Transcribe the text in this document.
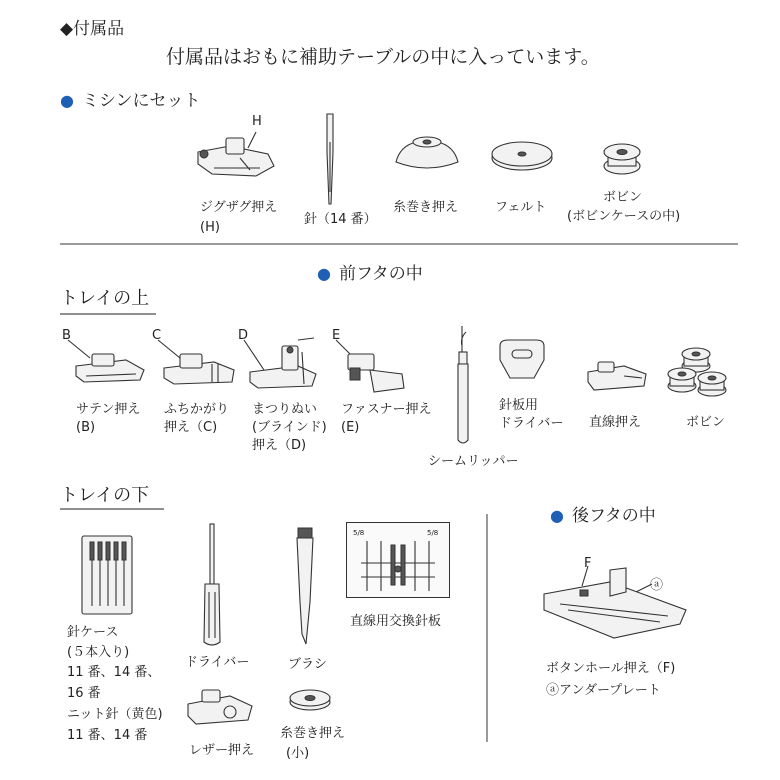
◆付属品
付属品はおもに補助テーブルの中に入っています。
● ミシンにセット
H
ジグザグ押え
(H)
針（14 番）
糸巻き押え	フェルト
ボビン
(ボビンケースの中)
● 前フタの中
トレイの上
B
サテン押え
(B)
C
ふちかがり
押え（C)
D
まつりぬい
(ブラインド)
押え（D)
E
ファスナー押え
(E)
シームリッパー
針板用
ドライバー 直線押え	ボビン
トレイの下
針ケース
(５本入り)
11 番、14 番、
16 番
ニット針（黄色)
11 番、14 番
ドライバー	ブラシ
5/8	5/8
直線用交換針板
レザー押え
糸巻き押え
(小)
● 後フタの中
F
ⓐ
ボタンホール押え（F)
ⓐアンダープレート
